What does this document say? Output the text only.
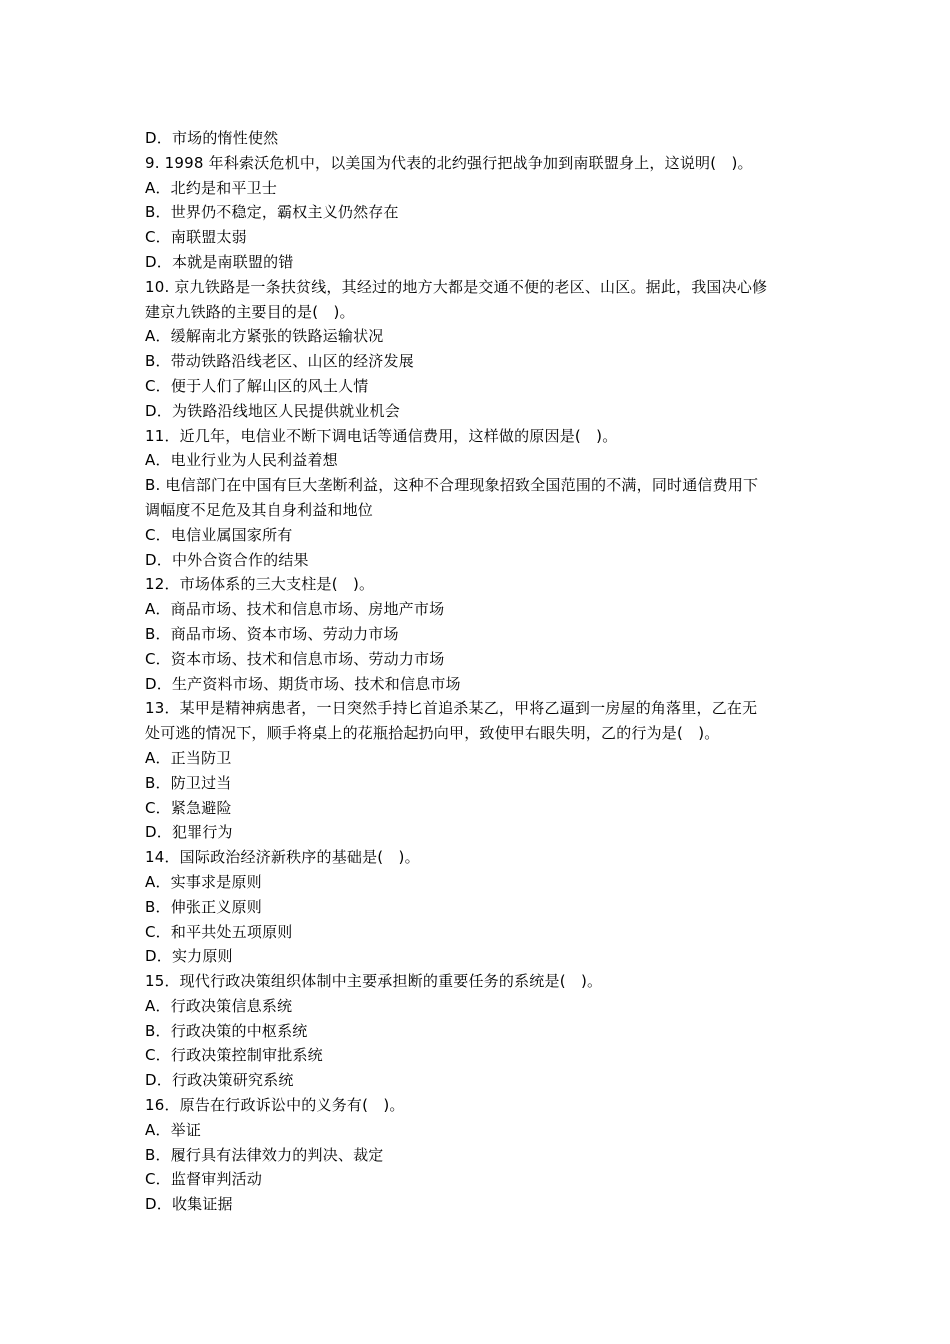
D．市场的惰性使然
9. 1998 年科索沃危机中，以美国为代表的北约强行把战争加到南联盟身上，这说明(　)。
A．北约是和平卫士
B．世界仍不稳定，霸权主义仍然存在
C．南联盟太弱
D．本就是南联盟的错
10. 京九铁路是一条扶贫线，其经过的地方大都是交通不便的老区、山区。据此，我国决心修
建京九铁路的主要目的是(　)。
A．缓解南北方紧张的铁路运输状况
B．带动铁路沿线老区、山区的经济发展
C．便于人们了解山区的风土人情
D．为铁路沿线地区人民提供就业机会
11．近几年，电信业不断下调电话等通信费用，这样做的原因是(　)。
A．电业行业为人民利益着想
B. 电信部门在中国有巨大垄断利益，这种不合理现象招致全国范围的不满，同时通信费用下
调幅度不足危及其自身利益和地位
C．电信业属国家所有
D．中外合资合作的结果
12．市场体系的三大支柱是(　)。
A．商品市场、技术和信息市场、房地产市场
B．商品市场、资本市场、劳动力市场
C．资本市场、技术和信息市场、劳动力市场
D．生产资料市场、期货市场、技术和信息市场
13．某甲是精神病患者，一日突然手持匕首追杀某乙，甲将乙逼到一房屋的角落里，乙在无
处可逃的情况下，顺手将桌上的花瓶拾起扔向甲，致使甲右眼失明，乙的行为是(　)。
A．正当防卫
B．防卫过当
C．紧急避险
D．犯罪行为
14．国际政治经济新秩序的基础是(　)。
A．实事求是原则
B．伸张正义原则
C．和平共处五项原则
D．实力原则
15．现代行政决策组织体制中主要承担断的重要任务的系统是(　)。
A．行政决策信息系统
B．行政决策的中枢系统
C．行政决策控制审批系统
D．行政决策研究系统
16．原告在行政诉讼中的义务有(　)。
A．举证
B．履行具有法律效力的判决、裁定
C．监督审判活动
D．收集证据
